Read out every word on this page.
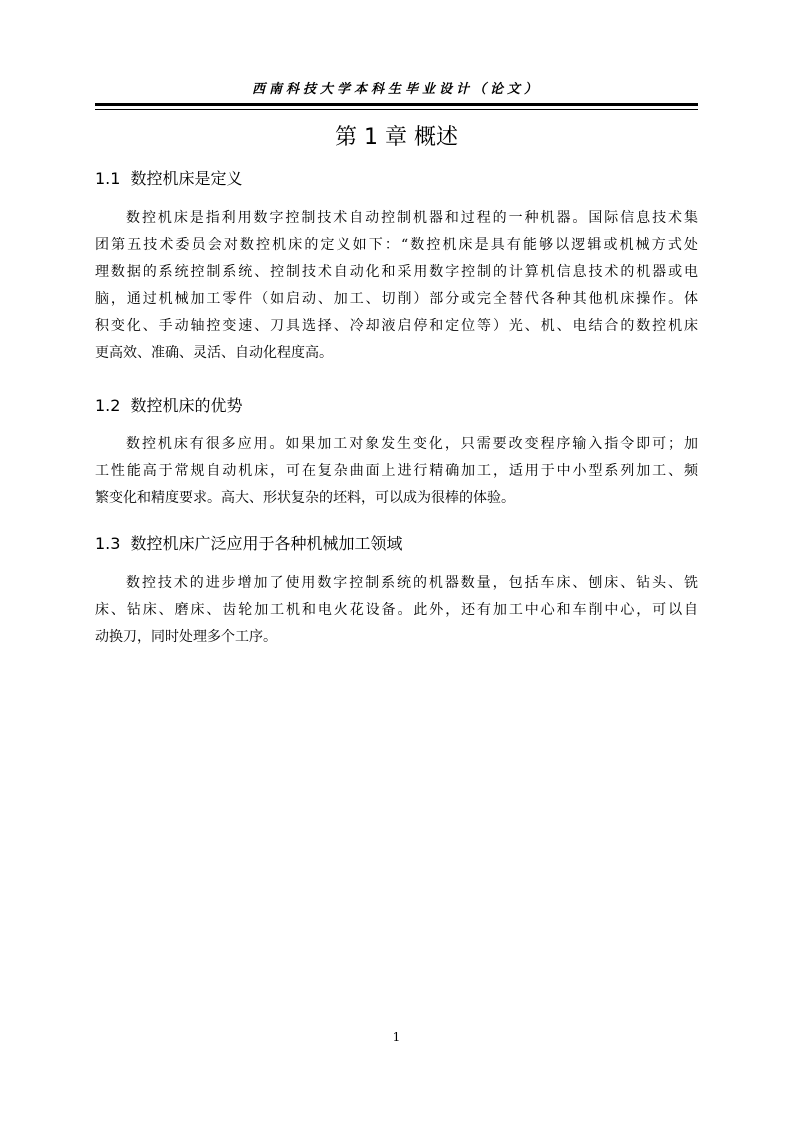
西南科技大学本科生毕业设计（论文）
第 1 章 概述
1.1 数控机床是定义
数控机床是指利用数字控制技术自动控制机器和过程的一种机器。国际信息技术集
团第五技术委员会对数控机床的定义如下：“数控机床是具有能够以逻辑或机械方式处
理数据的系统控制系统、控制技术自动化和采用数字控制的计算机信息技术的机器或电
脑，通过机械加工零件（如启动、加工、切削）部分或完全替代各种其他机床操作。体
积变化、手动轴控变速、刀具选择、冷却液启停和定位等）光、机、电结合的数控机床
更高效、准确、灵活、自动化程度高。
1.2 数控机床的优势
数控机床有很多应用。如果加工对象发生变化，只需要改变程序输入指令即可；加
工性能高于常规自动机床，可在复杂曲面上进行精确加工，适用于中小型系列加工、频
繁变化和精度要求。高大、形状复杂的坯料，可以成为很棒的体验。
1.3 数控机床广泛应用于各种机械加工领域
数控技术的进步增加了使用数字控制系统的机器数量，包括车床、刨床、钻头、铣
床、钻床、磨床、齿轮加工机和电火花设备。此外，还有加工中心和车削中心，可以自
动换刀，同时处理多个工序。
1
